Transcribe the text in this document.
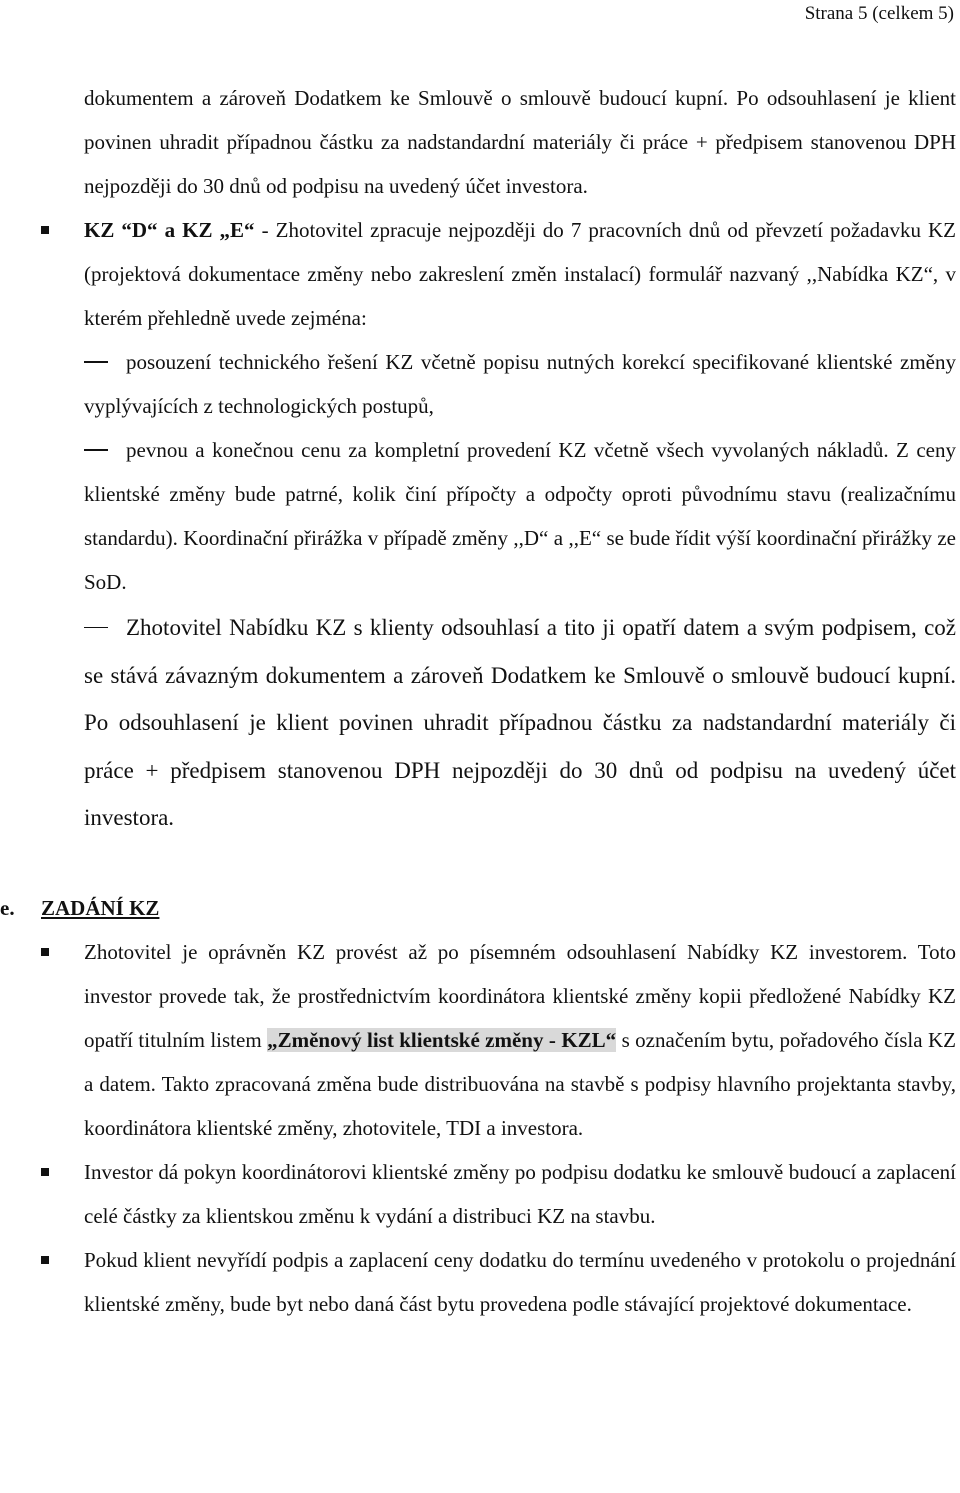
Strana 5 (celkem 5)

dokumentem a zároveň Dodatkem ke Smlouvě o smlouvě budoucí kupní. Po odsouhlasení je klient povinen uhradit případnou částku za nadstandardní materiály či práce + předpisem stanovenou DPH nejpozději do 30 dnů od podpisu na uvedený účet investora.

KZ “D“ a KZ „E“ - Zhotovitel zpracuje nejpozději do 7 pracovních dnů od převzetí požadavku KZ (projektová dokumentace změny nebo zakreslení změn instalací) formulář nazvaný ,,Nabídka KZ“, v kterém přehledně uvede zejména:

posouzení technického řešení KZ včetně popisu nutných korekcí specifikované klientské změny vyplývajících z technologických postupů,

pevnou a konečnou cenu za kompletní provedení KZ včetně všech vyvolaných nákladů. Z ceny klientské změny bude patrné, kolik činí přípočty a odpočty oproti původnímu stavu (realizačnímu standardu). Koordinační přirážka v případě změny ,,D“ a ,,E“ se bude řídit výší koordinační přirážky ze SoD.

Zhotovitel Nabídku KZ s klienty odsouhlasí a tito ji opatří datem a svým podpisem, což se stává závazným dokumentem a zároveň Dodatkem ke Smlouvě o smlouvě budoucí kupní. Po odsouhlasení je klient povinen uhradit případnou částku za nadstandardní materiály či práce + předpisem stanovenou DPH nejpozději do 30 dnů od podpisu na uvedený účet investora.

e.	ZADÁNÍ KZ

Zhotovitel je oprávněn KZ provést až po písemném odsouhlasení Nabídky KZ investorem. Toto investor provede tak, že prostřednictvím koordinátora klientské změny kopii předložené Nabídky KZ opatří titulním listem „Změnový list klientské změny - KZL“ s označením bytu, pořadového čísla KZ a datem. Takto zpracovaná změna bude distribuována na stavbě s podpisy hlavního projektanta stavby, koordinátora klientské změny, zhotovitele, TDI a investora.

Investor dá pokyn koordinátorovi klientské změny po podpisu dodatku ke smlouvě budoucí a zaplacení celé částky za klientskou změnu k vydání a distribuci KZ na stavbu.

Pokud klient nevyřídí podpis a zaplacení ceny dodatku do termínu uvedeného v protokolu o projednání klientské změny, bude byt nebo daná část bytu provedena podle stávající projektové dokumentace.
